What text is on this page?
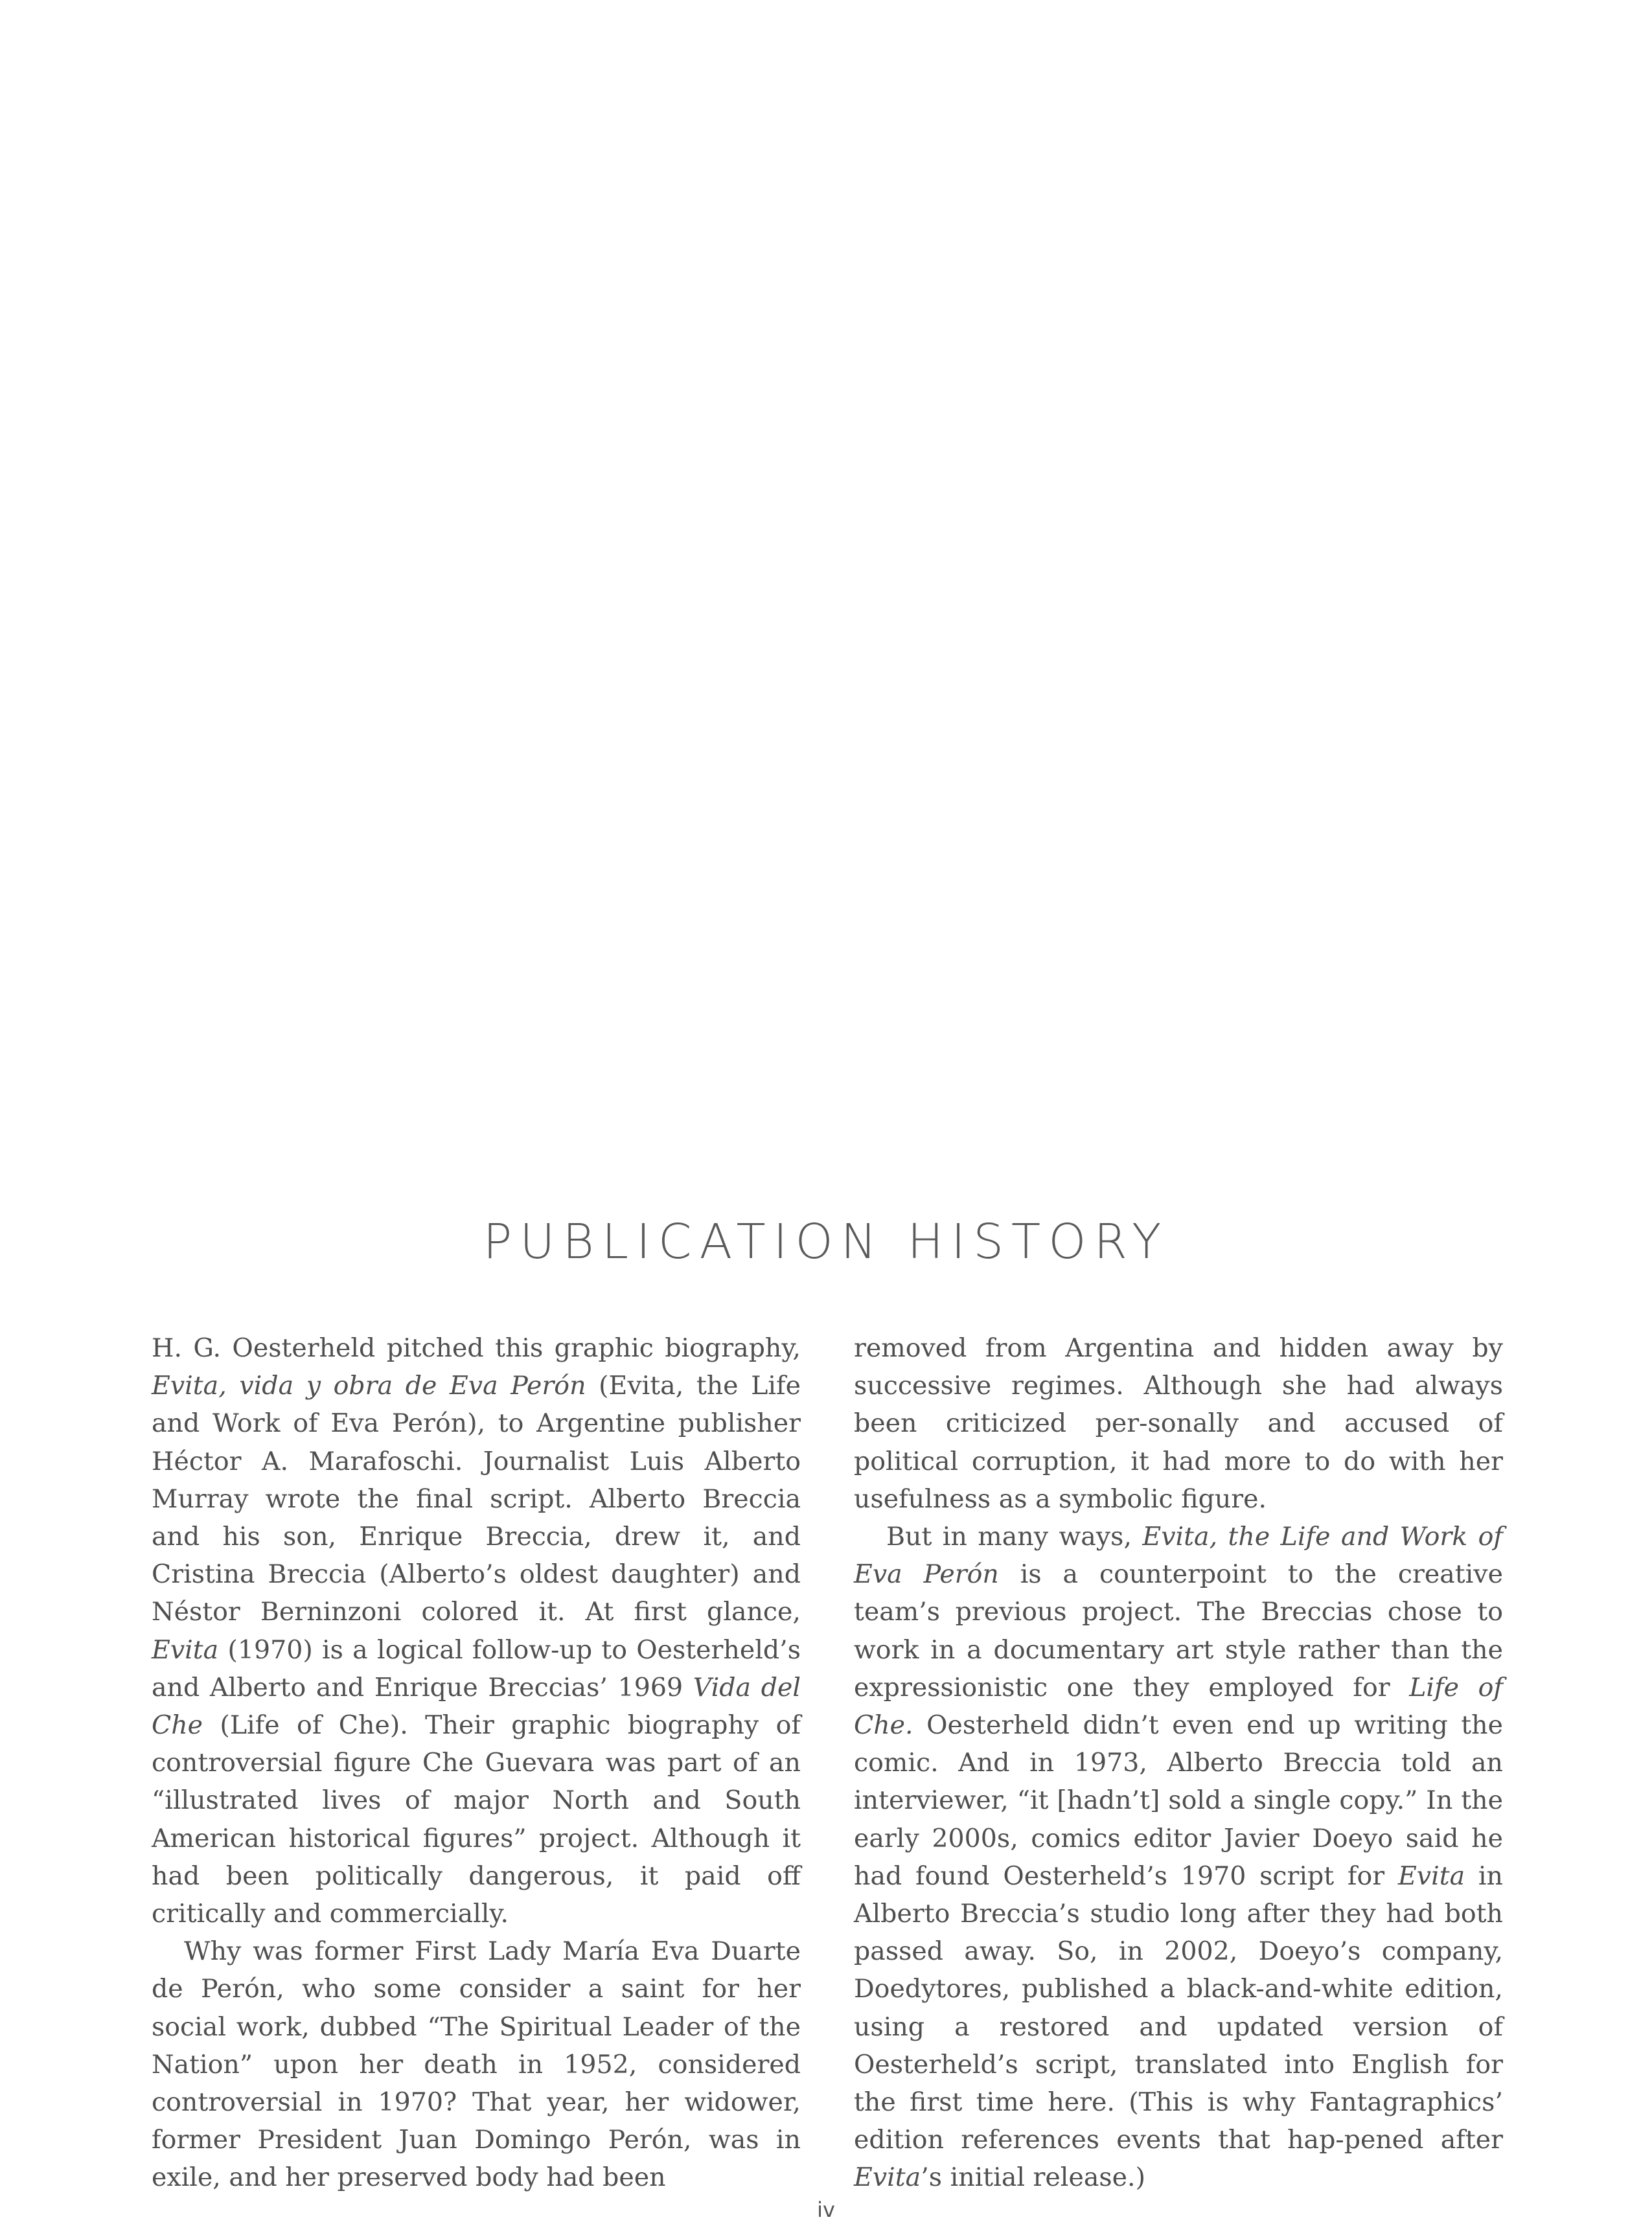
PUBLICATION HISTORY

H. G. Oesterheld pitched this graphic biography, Evita, vida y obra de Eva Perón (Evita, the Life and Work of Eva Perón), to Argentine publisher Héctor A. Marafoschi. Journalist Luis Alberto Murray wrote the final script. Alberto Breccia and his son, Enrique Breccia, drew it, and Cristina Breccia (Alberto’s oldest daughter) and Néstor Berninzoni colored it. At first glance, Evita (1970) is a logical follow-up to Oesterheld’s and Alberto and Enrique Breccias’ 1969 Vida del Che (Life of Che). Their graphic biography of controversial figure Che Guevara was part of an “illustrated lives of major North and South American historical figures” project. Although it had been politically dangerous, it paid off critically and commercially.

Why was former First Lady María Eva Duarte de Perón, who some consider a saint for her social work, dubbed “The Spiritual Leader of the Nation” upon her death in 1952, considered controversial in 1970? That year, her widower, former President Juan Domingo Perón, was in exile, and her preserved body had been

removed from Argentina and hidden away by successive regimes. Although she had always been criticized per-sonally and accused of political corruption, it had more to do with her usefulness as a symbolic figure.

But in many ways, Evita, the Life and Work of Eva Perón is a counterpoint to the creative team’s previous project. The Breccias chose to work in a documentary art style rather than the expressionistic one they employed for Life of Che. Oesterheld didn’t even end up writing the comic. And in 1973, Alberto Breccia told an interviewer, “it [hadn’t] sold a single copy.” In the early 2000s, comics editor Javier Doeyo said he had found Oesterheld’s 1970 script for Evita in Alberto Breccia’s studio long after they had both passed away. So, in 2002, Doeyo’s company, Doedytores, published a black-and-white edition, using a restored and updated version of Oesterheld’s script, translated into English for the first time here. (This is why Fantagraphics’ edition references events that hap-pened after Evita’s initial release.)

iv
